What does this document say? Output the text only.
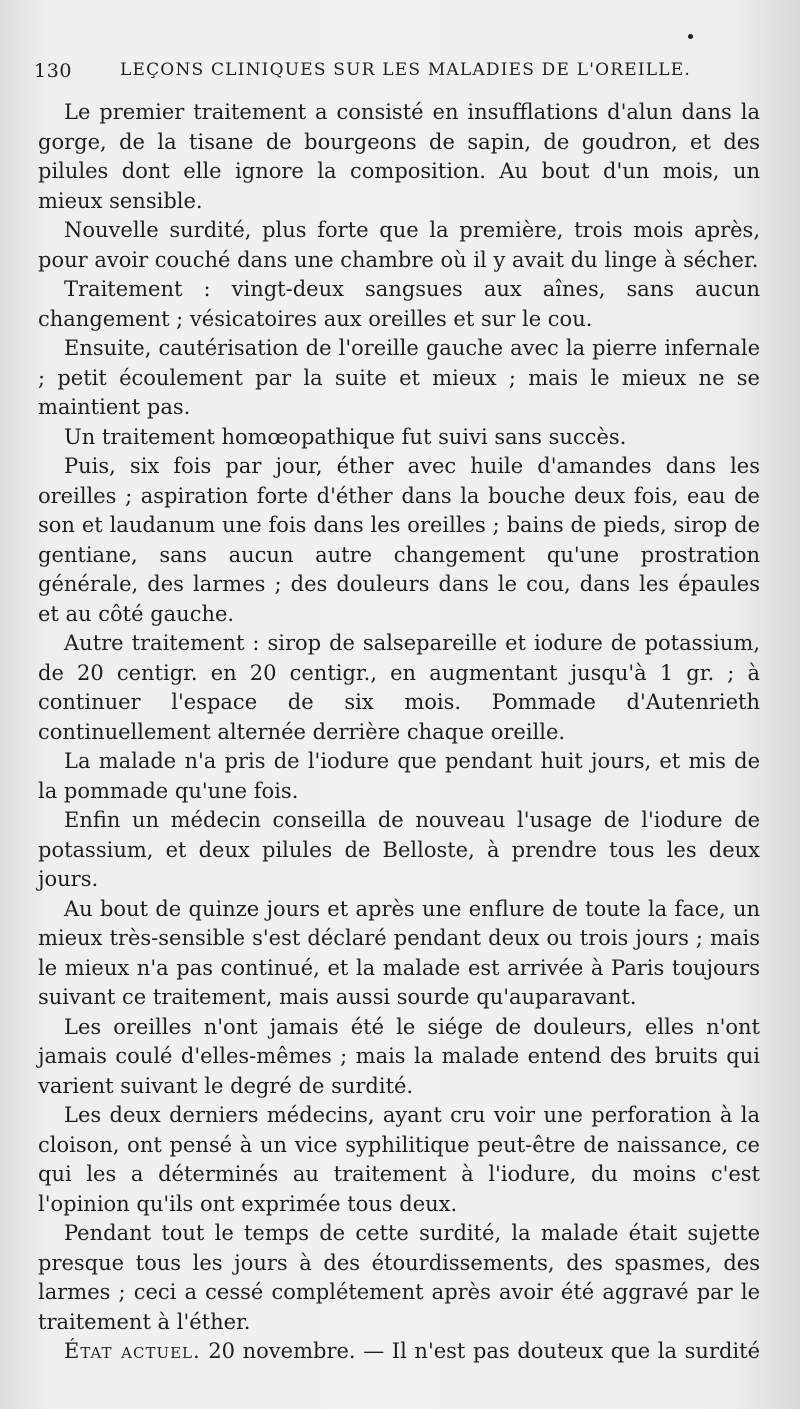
130	LEÇONS CLINIQUES SUR LES MALADIES DE L'OREILLE.

Le premier traitement a consisté en insufflations d'alun dans la gorge, de la tisane de bourgeons de sapin, de goudron, et des pilules dont elle ignore la composition. Au bout d'un mois, un mieux sensible.

Nouvelle surdité, plus forte que la première, trois mois après, pour avoir couché dans une chambre où il y avait du linge à sécher.

Traitement : vingt-deux sangsues aux aînes, sans aucun changement ; vésicatoires aux oreilles et sur le cou.

Ensuite, cautérisation de l'oreille gauche avec la pierre infernale ; petit écoulement par la suite et mieux ; mais le mieux ne se maintient pas.

Un traitement homœopathique fut suivi sans succès.

Puis, six fois par jour, éther avec huile d'amandes dans les oreilles ; aspiration forte d'éther dans la bouche deux fois, eau de son et laudanum une fois dans les oreilles ; bains de pieds, sirop de gentiane, sans aucun autre changement qu'une prostration générale, des larmes ; des douleurs dans le cou, dans les épaules et au côté gauche.

Autre traitement : sirop de salsepareille et iodure de potassium, de 20 centigr. en 20 centigr., en augmentant jusqu'à 1 gr. ; à continuer l'espace de six mois. Pommade d'Autenrieth continuellement alternée derrière chaque oreille.

La malade n'a pris de l'iodure que pendant huit jours, et mis de la pommade qu'une fois.

Enfin un médecin conseilla de nouveau l'usage de l'iodure de potassium, et deux pilules de Belloste, à prendre tous les deux jours.

Au bout de quinze jours et après une enflure de toute la face, un mieux très-sensible s'est déclaré pendant deux ou trois jours ; mais le mieux n'a pas continué, et la malade est arrivée à Paris toujours suivant ce traitement, mais aussi sourde qu'auparavant.

Les oreilles n'ont jamais été le siége de douleurs, elles n'ont jamais coulé d'elles-mêmes ; mais la malade entend des bruits qui varient suivant le degré de surdité.

Les deux derniers médecins, ayant cru voir une perforation à la cloison, ont pensé à un vice syphilitique peut-être de naissance, ce qui les a déterminés au traitement à l'iodure, du moins c'est l'opinion qu'ils ont exprimée tous deux.

Pendant tout le temps de cette surdité, la malade était sujette presque tous les jours à des étourdissements, des spasmes, des larmes ; ceci a cessé complétement après avoir été aggravé par le traitement à l'éther.

État actuel. 20 novembre. — Il n'est pas douteux que la surdité
